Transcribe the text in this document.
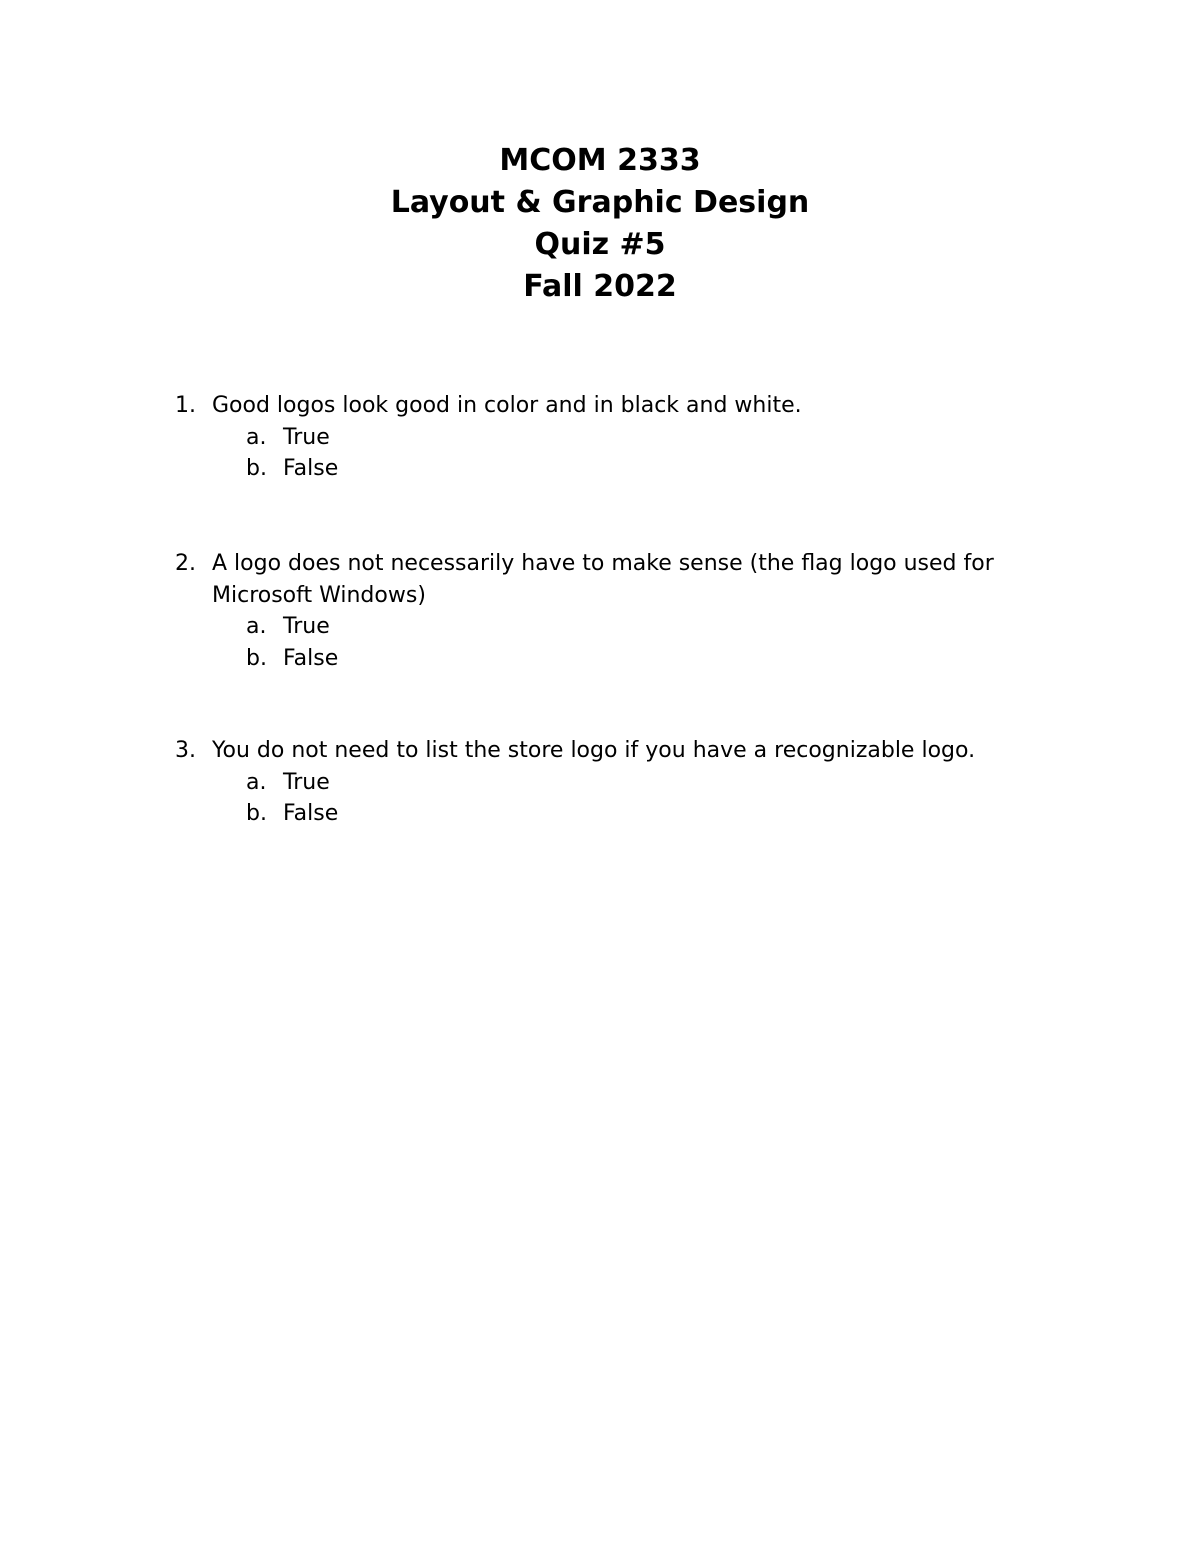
MCOM 2333
Layout & Graphic Design
Quiz #5
Fall 2022
1. Good logos look good in color and in black and white.
a. True
b. False
2. A logo does not necessarily have to make sense (the flag logo used for Microsoft Windows)
a. True
b. False
3. You do not need to list the store logo if you have a recognizable logo.
a. True
b. False
